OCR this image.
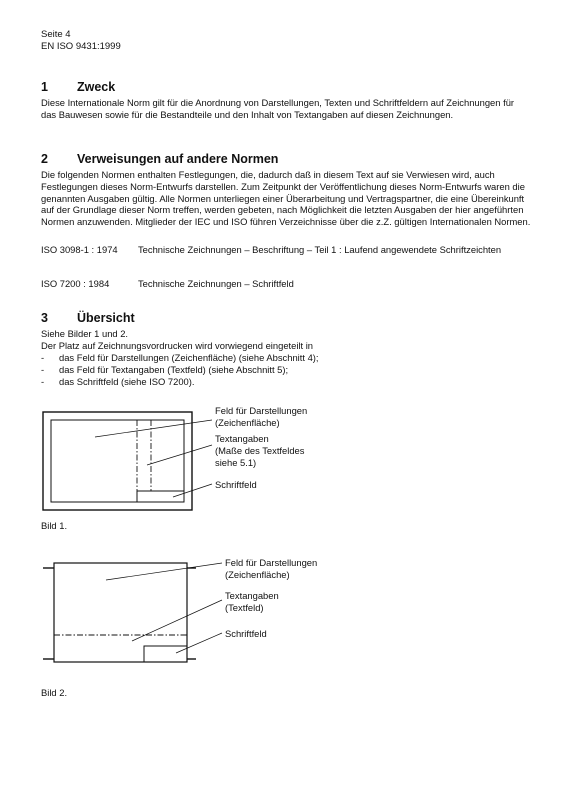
Seite 4
EN ISO 9431:1999
1 Zweck

Diese Internationale Norm gilt für die Anordnung von Darstellungen, Texten und Schriftfeldern auf Zeichnungen für das Bauwesen sowie für die Bestandteile und den Inhalt von Textangaben auf diesen Zeichnungen.

2 Verweisungen auf andere Normen

Die folgenden Normen enthalten Festlegungen, die, dadurch daß in diesem Text auf sie Verwiesen wird, auch Festlegungen dieses Norm-Entwurfs darstellen. Zum Zeitpunkt der Veröffentlichung dieses Norm-Entwurfs waren die genannten Ausgaben gültig. Alle Normen unterliegen einer Überarbeitung und Vertragspartner, die eine Übereinkunft auf der Grundlage dieser Norm treffen, werden gebeten, nach Möglichkeit die letzten Ausgaben der hier angeführten Normen anzuwenden. Mitglieder der IEC und ISO führen Verzeichnisse über die z.Z. gültigen Internationalen Normen.

ISO 3098-1 : 1974 Technische Zeichnungen – Beschriftung – Teil 1 : Laufend angewendete Schriftzeichten
ISO 7200 : 1984	Technische Zeichnungen – Schriftfeld
3 Übersicht
Siehe Bilder 1 und 2.
Der Platz auf Zeichnungsvordrucken wird vorwiegend eingeteilt in
- das Feld für Darstellungen (Zeichenfläche) (siehe Abschnitt 4);
- das Feld für Textangaben (Textfeld) (siehe Abschnitt 5);
- das Schriftfeld (siehe ISO 7200).
Feld für Darstellungen
(Zeichenfläche)
Textangaben
(Maße des Textfeldes
siehe 5.1)
Schriftfeld
Bild 1.
Feld für Darstellungen
(Zeichenfläche)
Textangaben
(Textfeld)
Schriftfeld
Bild 2.
